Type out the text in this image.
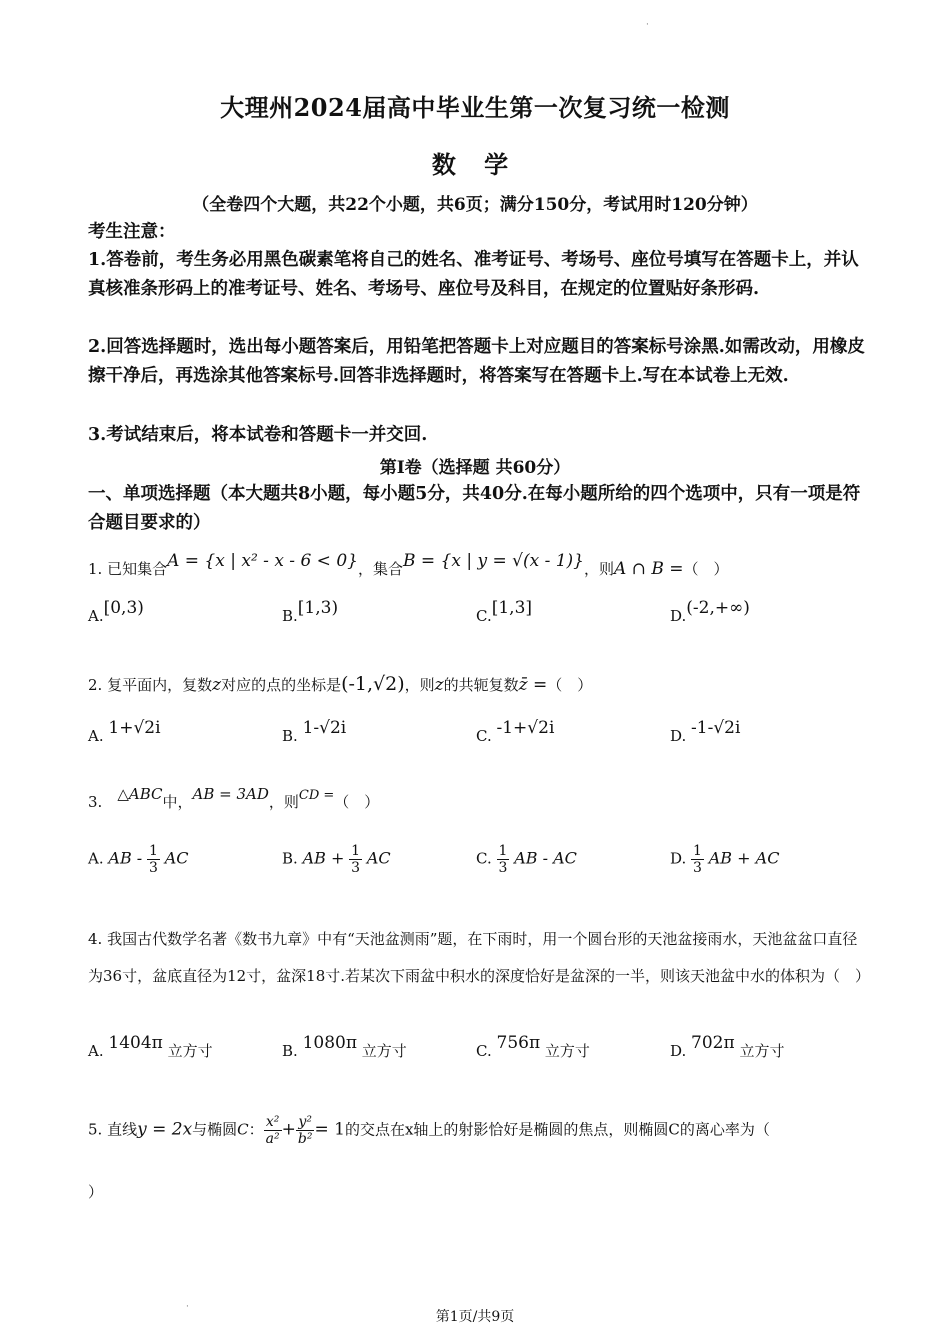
·
大理州2024届高中毕业生第一次复习统一检测
数 学
（全卷四个大题，共22个小题，共6页；满分150分，考试用时120分钟）
考生注意：
1.答卷前，考生务必用黑色碳素笔将自己的姓名、准考证号、考场号、座位号填写在答题卡上，并认真核准条形码上的准考证号、姓名、考场号、座位号及科目，在规定的位置贴好条形码.
2.回答选择题时，选出每小题答案后，用铅笔把答题卡上对应题目的答案标号涂黑.如需改动，用橡皮擦干净后，再选涂其他答案标号.回答非选择题时，将答案写在答题卡上.写在本试卷上无效.
3.考试结束后，将本试卷和答题卡一并交回.
第Ⅰ卷（选择题 共60分）
一、单项选择题（本大题共8小题，每小题5分，共40分.在每小题所给的四个选项中，只有一项是符合题目要求的）
1. 已知集合A = {x | x² - x - 6 < 0}，集合B = {x | y = √(x - 1)}，则A ∩ B =（　）
A.[0,3)	B.[1,3)	C.[1,3]	D.(-2,+∞)
2. 复平面内，复数z对应的点的坐标是(-1,√2)，则z的共轭复数z̄ =（　）
A. 1+√2i	B. 1-√2i	C. -1+√2i	D. -1-√2i
3.　 △ABC中，AB = 3AD，则CD =（　）
A. AB - $\frac{1}{3}$ AC	B. AB + $\frac{1}{3}$ AC	C. $\frac{1}{3}$ AB - AC	D. $\frac{1}{3}$ AB + AC
4. 我国古代数学名著《数书九章》中有“天池盆测雨”题，在下雨时，用一个圆台形的天池盆接雨水，天池盆盆口直径为36寸，盆底直径为12寸，盆深18寸.若某次下雨盆中积水的深度恰好是盆深的一半，则该天池盆中水的体积为（　）
A. 1404π 立方寸	B. 1080π 立方寸	C. 756π 立方寸	D. 702π 立方寸
5. 直线y = 2x与椭圆C： $\frac{\text{x²}}{\text{a²}} + \frac{\text{y²}}{\text{b²}} = 1$的交点在x轴上的射影恰好是椭圆的焦点，则椭圆C的离心率为（
）
·
第1页/共9页
